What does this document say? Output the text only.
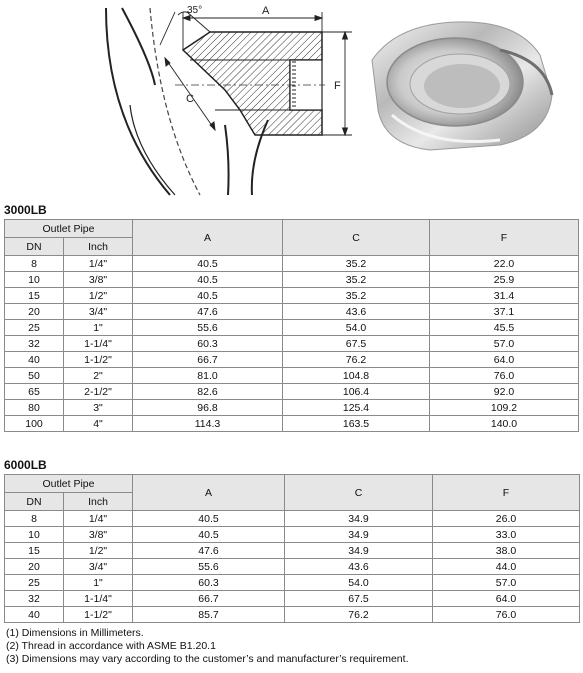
35°	A
C
F
3000LB
Outlet Pipe		A	C	F
DN	Inch			
8	1/4"	40.5	35.2	22.0
10	3/8"	40.5	35.2	25.9
15	1/2"	40.5	35.2	31.4
20	3/4"	47.6	43.6	37.1
25	1"	55.6	54.0	45.5
32	1-1/4"	60.3	67.5	57.0
40	1-1/2"	66.7	76.2	64.0
50	2"	81.0	104.8	76.0
65	2-1/2"	82.6	106.4	92.0
80	3"	96.8	125.4	109.2
100	4"	114.3	163.5	140.0
6000LB
Outlet Pipe		A	C	F
DN	Inch			
8	1/4"	40.5	34.9	26.0
10	3/8"	40.5	34.9	33.0
15	1/2"	47.6	34.9	38.0
20	3/4"	55.6	43.6	44.0
25	1"	60.3	54.0	57.0
32	1-1/4"	66.7	67.5	64.0
40	1-1/2"	85.7	76.2	76.0
(1) Dimensions in Millimeters.
(2) Thread in accordance with ASME B1.20.1
(3) Dimensions may vary according to the customer’s and manufacturer’s requirement.
